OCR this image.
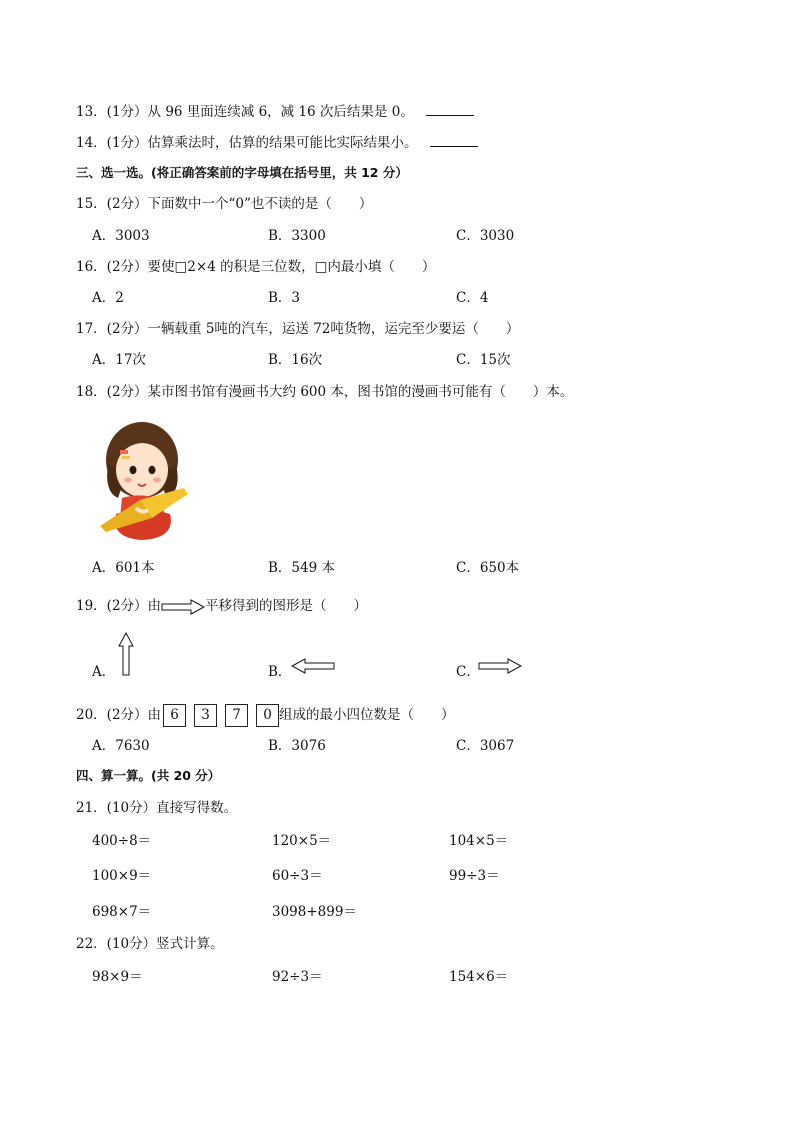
13．(1分）从 96 里面连续减 6，减 16 次后结果是 0。
14．(1分）估算乘法时，估算的结果可能比实际结果小。
三、选一选。(将正确答案前的字母填在括号里，共 12 分）
15．(2分）下面数中一个“0”也不读的是（　　）
A．3003	B．3300	C．3030
16．(2分）要使□2×4 的积是三位数，□内最小填（　　）
A．2	B．3	C．4
17．(2分）一辆载重 5吨的汽车，运送 72吨货物，运完至少要运（　　）
A．17次	B．16次	C．15次
18．(2分）某市图书馆有漫画书大约 600 本，图书馆的漫画书可能有（　　）本。
A．601本	B．549 本	C．650本
19．(2分）由	平移得到的图形是（　　）
A．	B．	C．
20．(2分）由 6 3 7 0 组成的最小四位数是（　　）
A．7630	B．3076	C．3067
四、算一算。(共 20 分）
21．(10分）直接写得数。
400÷8＝	120×5＝	104×5＝
100×9＝	60÷3＝	99÷3＝
698×7＝	3098+899＝
22．(10分）竖式计算。
98×9＝	92÷3＝	154×6＝
